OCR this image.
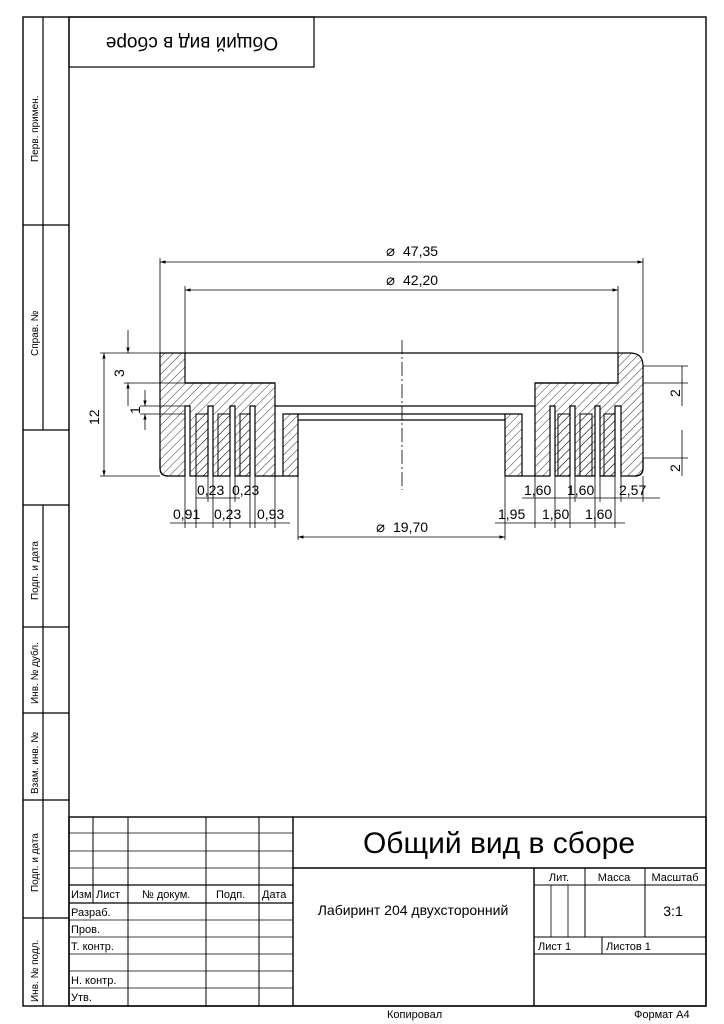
Перв. примен.
Справ. №
Подп. и дата
Инв. № дубл.
Взам. инв. №
Подп. и дата
Инв. № подл.
Общий вид в сборе
⌀ 47,35
⌀ 42,20
⌀ 19,70
12
3
1
2
2
0,23 0,23
0,91 0,23 0,93
1,60 1,60 2,57
1,95 1,60 1,60
Общий вид в сборе
Лабиринт 204 двухсторонний
Изм Лист № докум. Подп. Дата
Разраб.
Пров.
Т. контр.
Н. контр.
Утв.
Лит.	Масса Масштаб
3:1
Лист 1	Листов 1
Копировал	Формат А4
